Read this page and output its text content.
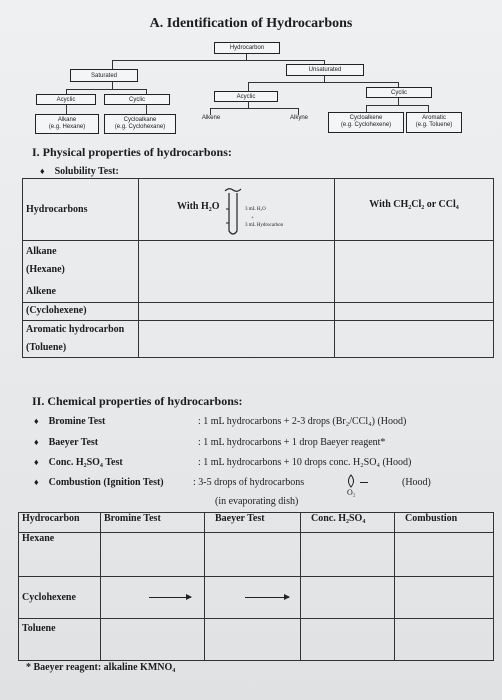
A. Identification of Hydrocarbons
Hydrocarbon
Saturated
Unsaturated
Acyclic	Cyclic	Acyclic
Cyclic
Alkane
(e.g. Hexane)
Cycloalkane
(e.g. Cyclohexane)
Alkene	Alkyne	Cycloalkene
(e.g. Cyclohexene)
Aromatic
(e.g. Toluene)
I. Physical properties of hydrocarbons:
♦ Solubility Test:
Hydrocarbons	With H₂O 3 mL H₂O
+
3 mL Hydrocarbon	With CH₂Cl₂ or CCl₄

Alkane
(Hexane)
Alkene		

(Cyclohexene)		

Aromatic hydrocarbon
(Toluene)		

II. Chemical properties of hydrocarbons:
♦ Bromine Test	: 1 mL hydrocarbons + 2-3 drops (Br₂/CCl₄) (Hood)
♦ Baeyer Test	: 1 mL hydrocarbons + 1 drop Baeyer reagent*
♦ Conc. H₂SO₄ Test	: 1 mL hydrocarbons + 10 drops conc. H₂SO₄ (Hood)
♦ Combustion (Ignition Test)	: 3-5 drops of hydrocarbons
O₂
(Hood)
(in evaporating dish)
Hydrocarbon	Bromine Test	Baeyer Test	Conc. H₂SO₄	Combustion
Hexane				
Cyclohexene	

Toluene				
* Baeyer reagent: alkaline KMNO₄
